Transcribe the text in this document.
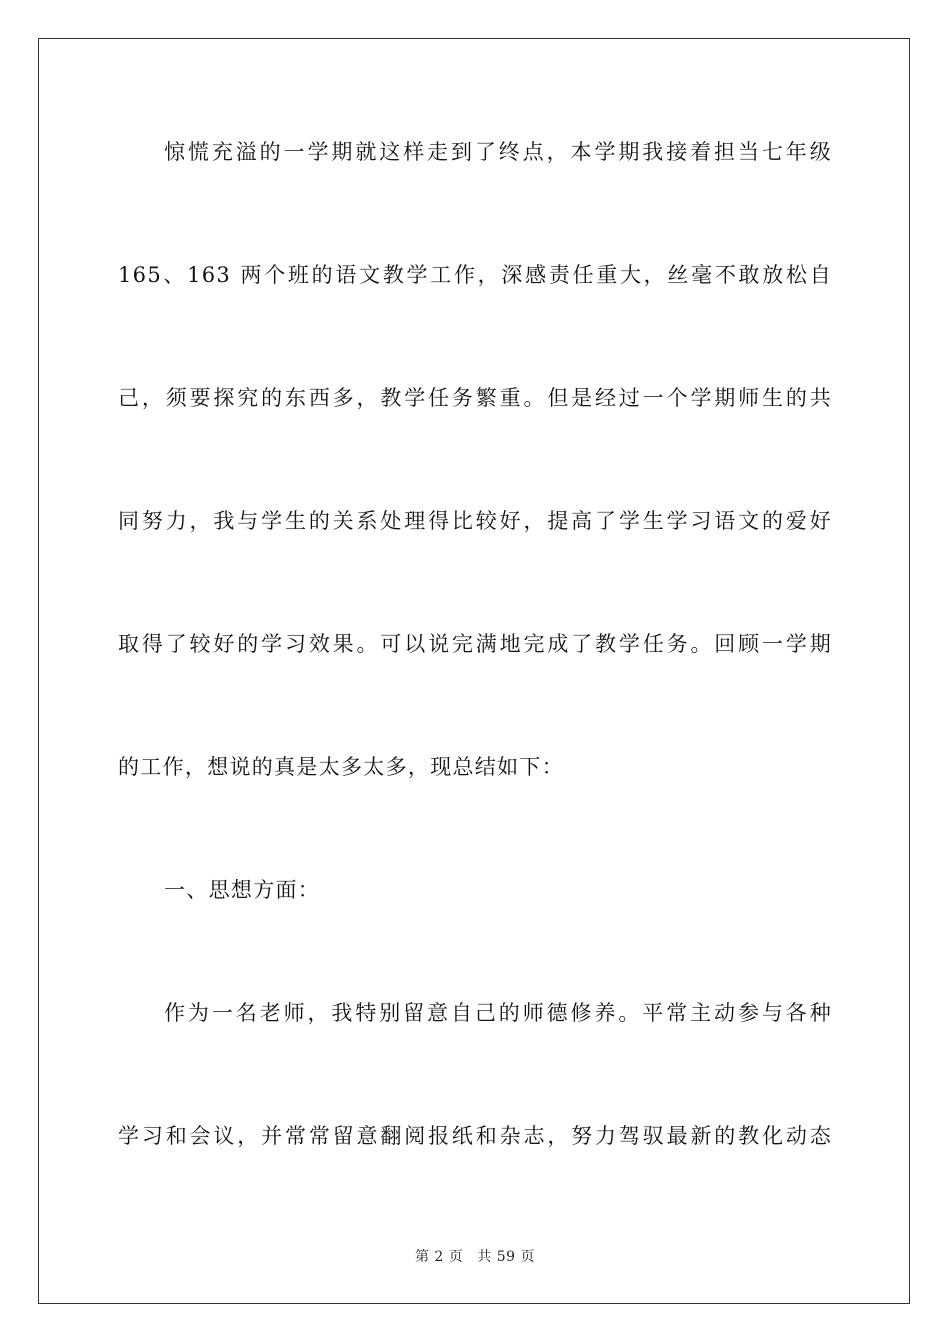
惊慌充溢的一学期就这样走到了终点，本学期我接着担当七年级
165、163 两个班的语文教学工作，深感责任重大，丝毫不敢放松自
己，须要探究的东西多，教学任务繁重。但是经过一个学期师生的共
同努力，我与学生的关系处理得比较好，提高了学生学习语文的爱好
取得了较好的学习效果。可以说完满地完成了教学任务。回顾一学期
的工作，想说的真是太多太多，现总结如下：
一、思想方面：
作为一名老师，我特别留意自己的师德修养。平常主动参与各种
学习和会议，并常常留意翻阅报纸和杂志，努力驾驭最新的教化动态
第 2 页 共 59 页
